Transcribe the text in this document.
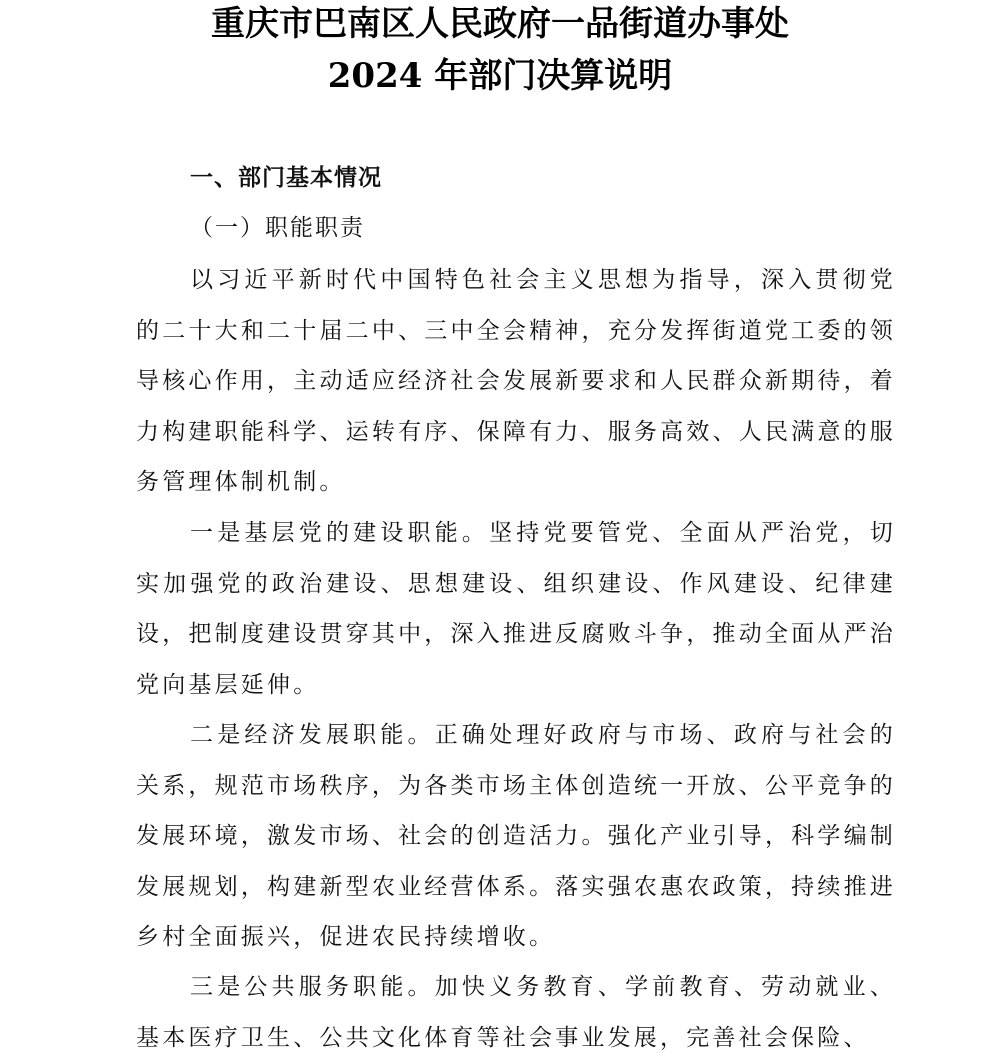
重庆市巴南区人民政府一品街道办事处
2024 年部门决算说明
一、部门基本情况
（一）职能职责

以习近平新时代中国特色社会主义思想为指导，深入贯彻党的二十大和二十届二中、三中全会精神，充分发挥街道党工委的领导核心作用，主动适应经济社会发展新要求和人民群众新期待，着力构建职能科学、运转有序、保障有力、服务高效、人民满意的服务管理体制机制。

一是基层党的建设职能。坚持党要管党、全面从严治党，切实加强党的政治建设、思想建设、组织建设、作风建设、纪律建设，把制度建设贯穿其中，深入推进反腐败斗争，推动全面从严治党向基层延伸。

二是经济发展职能。正确处理好政府与市场、政府与社会的关系，规范市场秩序，为各类市场主体创造统一开放、公平竞争的发展环境，激发市场、社会的创造活力。强化产业引导，科学编制发展规划，构建新型农业经营体系。落实强农惠农政策，持续推进乡村全面振兴，促进农民持续增收。

三是公共服务职能。加快义务教育、学前教育、劳动就业、基本医疗卫生、公共文化体育等社会事业发展，完善社会保险、
